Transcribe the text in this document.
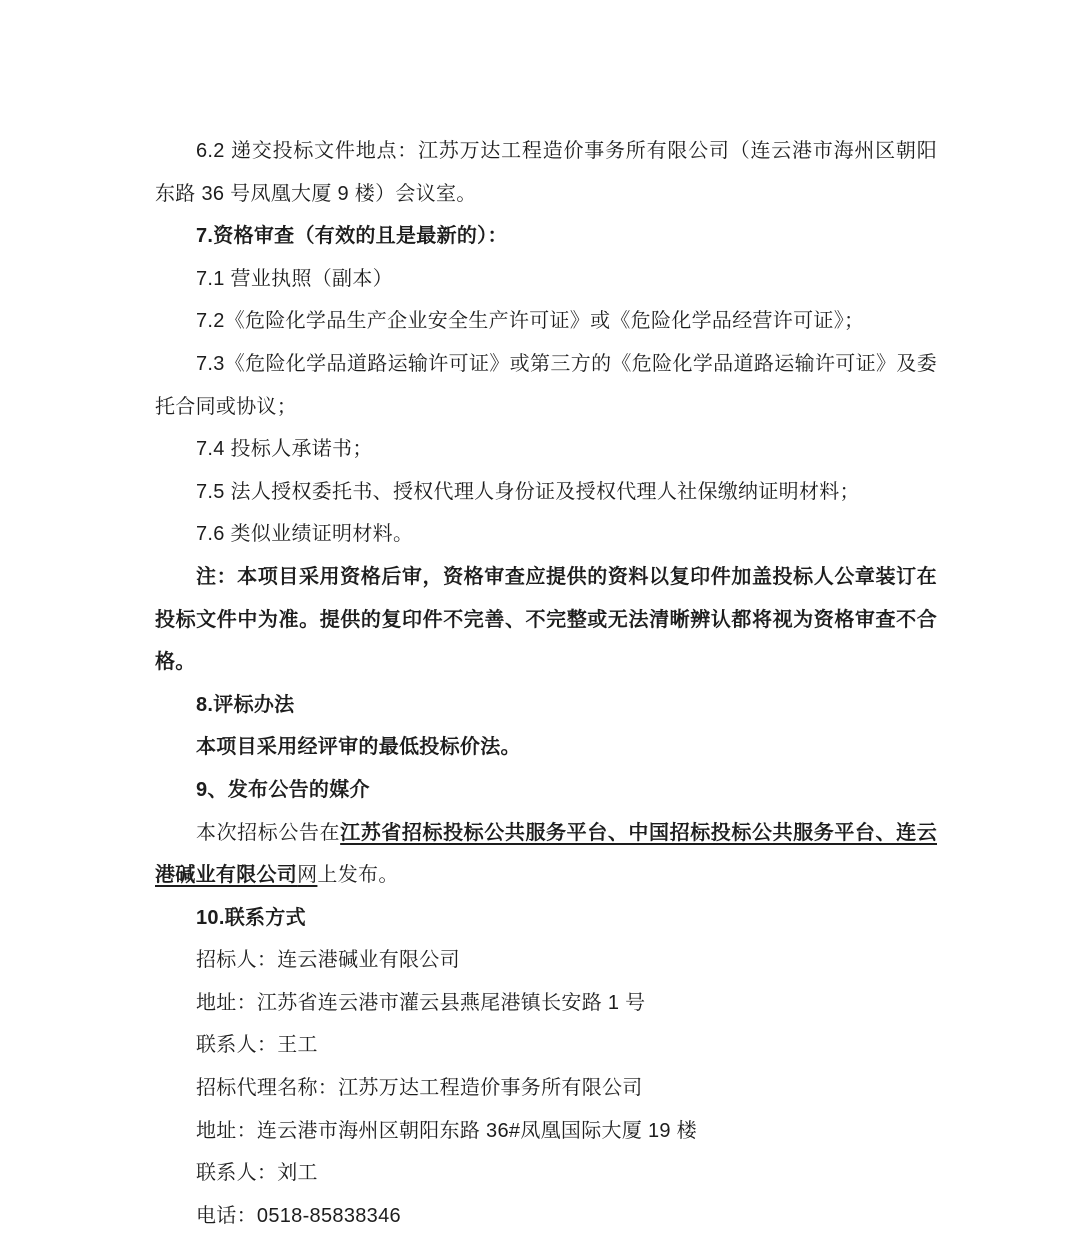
6.2 递交投标文件地点：江苏万达工程造价事务所有限公司（连云港市海州区朝阳东路 36 号凤凰大厦 9 楼）会议室。

7.资格审查（有效的且是最新的）：

7.1 营业执照（副本）

7.2《危险化学品生产企业安全生产许可证》或《危险化学品经营许可证》；

7.3《危险化学品道路运输许可证》或第三方的《危险化学品道路运输许可证》及委托合同或协议；

7.4 投标人承诺书；

7.5 法人授权委托书、授权代理人身份证及授权代理人社保缴纳证明材料；

7.6 类似业绩证明材料。

注：本项目采用资格后审，资格审查应提供的资料以复印件加盖投标人公章装订在投标文件中为准。提供的复印件不完善、不完整或无法清晰辨认都将视为资格审查不合格。

8.评标办法

本项目采用经评审的最低投标价法。

9、发布公告的媒介

本次招标公告在江苏省招标投标公共服务平台、中国招标投标公共服务平台、连云港碱业有限公司网上发布。

10.联系方式

招标人：连云港碱业有限公司

地址：江苏省连云港市灌云县燕尾港镇长安路 1 号

联系人：王工

招标代理名称：江苏万达工程造价事务所有限公司

地址：连云港市海州区朝阳东路 36#凤凰国际大厦 19 楼

联系人：刘工

电话：0518-85838346
